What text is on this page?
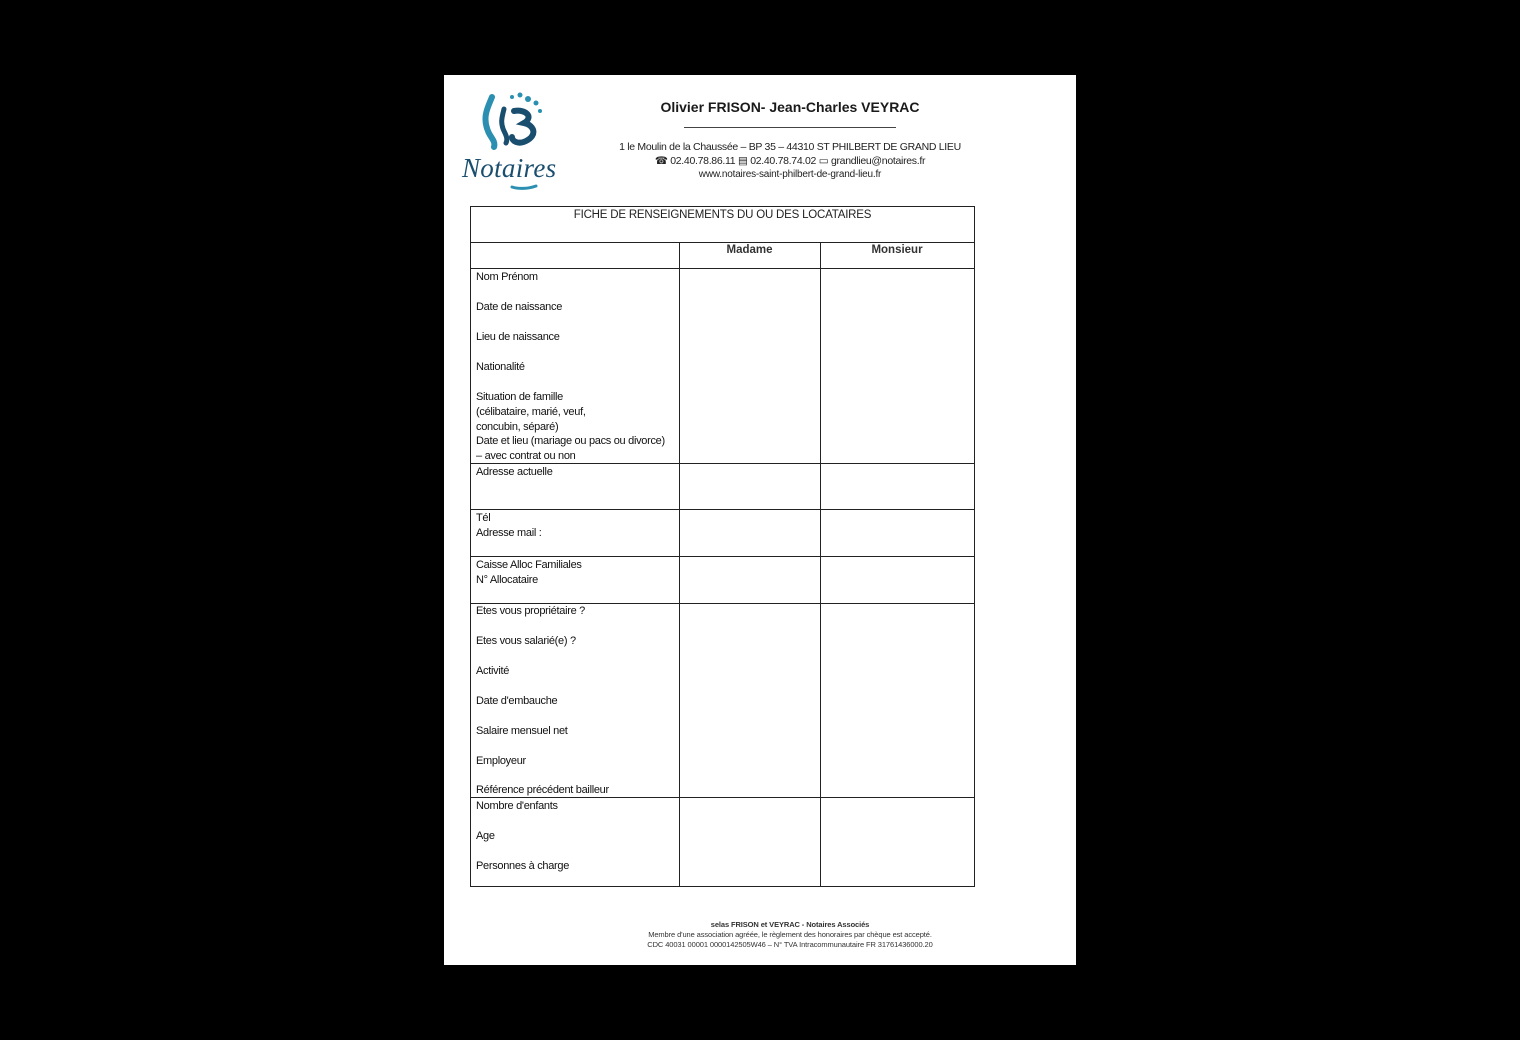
Notaires
Olivier FRISON- Jean-Charles VEYRAC
1 le Moulin de la Chaussée – BP 35 – 44310 ST PHILBERT DE GRAND LIEU
☎ 02.40.78.86.11 ▤ 02.40.78.74.02 ▭ grandlieu@notaires.fr
www.notaires-saint-philbert-de-grand-lieu.fr
FICHE DE RENSEIGNEMENTS DU OU DES LOCATAIRES
Madame	Monsieur
Nom Prénom
Date de naissance
Lieu de naissance
Nationalité
Situation de famille
(célibataire, marié, veuf,
concubin, séparé)
Date et lieu (mariage ou pacs ou divorce)
– avec contrat ou non
Adresse actuelle
Tél
Adresse mail :
Caisse Alloc Familiales
N° Allocataire
Etes vous propriétaire ?
Etes vous salarié(e) ?
Activité
Date d'embauche
Salaire mensuel net
Employeur
Référence précédent bailleur
Nombre d'enfants
Age
Personnes à charge
selas FRISON et VEYRAC - Notaires Associés
Membre d'une association agréée, le règlement des honoraires par chèque est accepté.
CDC 40031 00001 0000142505W46 – N° TVA Intracommunautaire FR 31761436000.20
